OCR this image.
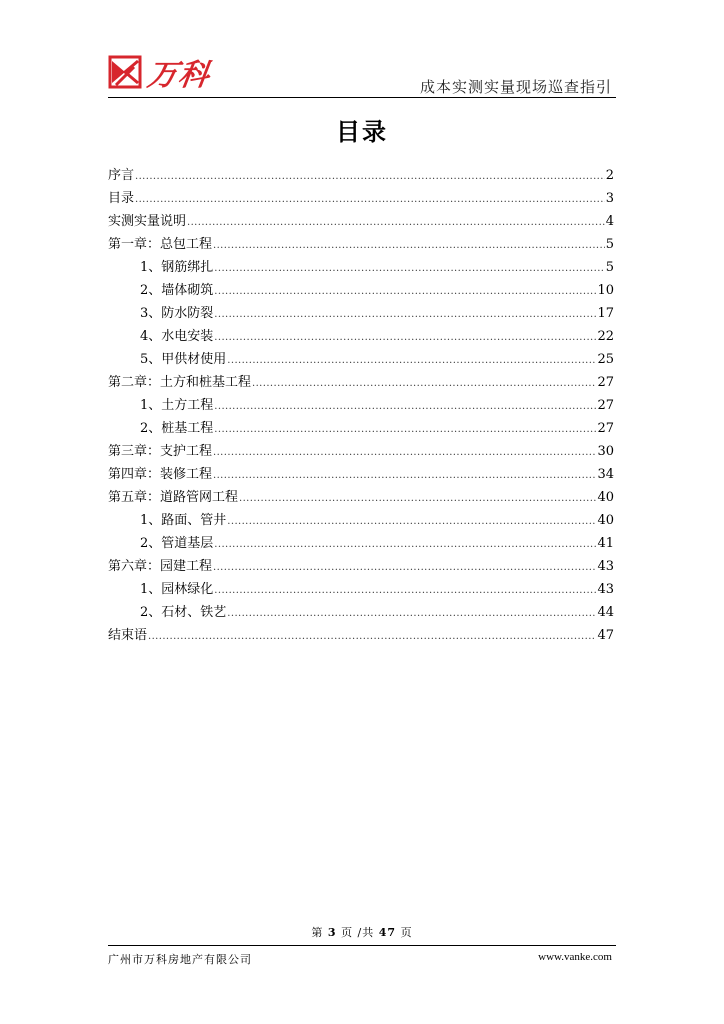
万科	成本实测实量现场巡查指引
目录
序言 .....	2
目录 .....	3
实测实量说明 .....	4
第一章：总包工程 .....	5
1、钢筋绑扎 .....	5
2、墙体砌筑 .....	10
3、防水防裂 .....	17
4、水电安装 .....	22
5、甲供材使用 .....	25
第二章：土方和桩基工程 .....	27
1、土方工程 .....	27
2、桩基工程 .....	27
第三章：支护工程 .....	30
第四章：装修工程 .....	34
第五章：道路管网工程 .....	40
1、路面、管井 .....	40
2、管道基层 .....	41
第六章：园建工程 .....	43
1、园林绿化 .....	43
2、石材、铁艺 .....	44
结束语 .....	47
第 3 页 /共 47 页
广州市万科房地产有限公司	www.vanke.com
